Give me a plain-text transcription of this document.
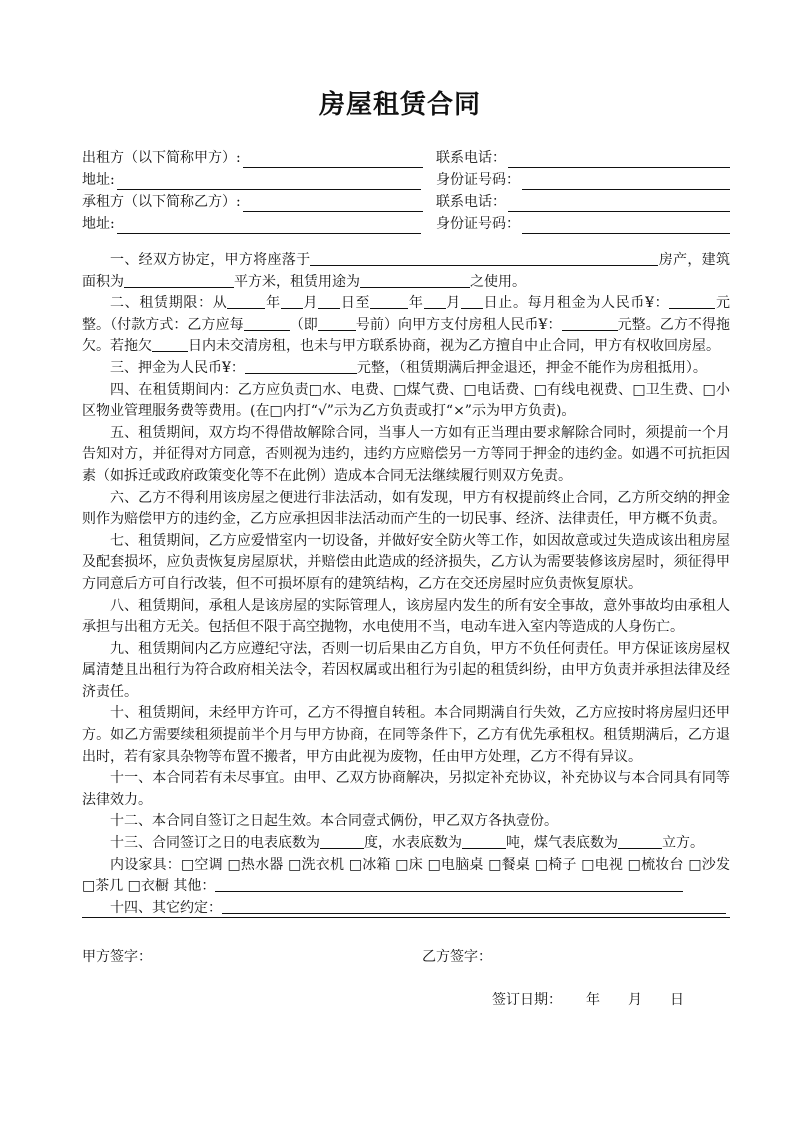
房屋租赁合同
出租方（以下简称甲方）:	联系电话：
地址:	身份证号码：
承租方（以下简称乙方）:	联系电话：
地址:	身份证号码：

一、经双方协定，甲方将座落于	房产，建筑面积为	平方米，租赁用途为	之使用。

二、租赁期限：从	年 月 日至	年 月 日止。每月租金为人民币¥：	元整。（付款方式：乙方应每	（即	号前）向甲方支付房租人民币¥：	元整。乙方不得拖欠。若拖欠	日内未交清房租，也未与甲方联系协商，视为乙方擅自中止合同，甲方有权收回房屋。

三、押金为人民币¥：	元整，（租赁期满后押金退还，押金不能作为房租抵用）。

四、在租赁期间内：乙方应负责□水、电费、□煤气费、□电话费、□有线电视费、□卫生费、□小区物业管理服务费等费用。(在□内打“√”示为乙方负责或打“×”示为甲方负责)。

五、租赁期间，双方均不得借故解除合同，当事人一方如有正当理由要求解除合同时，须提前一个月告知对方，并征得对方同意，否则视为违约，违约方应赔偿另一方等同于押金的违约金。如遇不可抗拒因素（如拆迁或政府政策变化等不在此例）造成本合同无法继续履行则双方免责。

六、乙方不得利用该房屋之便进行非法活动，如有发现，甲方有权提前终止合同，乙方所交纳的押金则作为赔偿甲方的违约金，乙方应承担因非法活动而产生的一切民事、经济、法律责任，甲方概不负责。

七、租赁期间，乙方应爱惜室内一切设备，并做好安全防火等工作，如因故意或过失造成该出租房屋及配套损坏，应负责恢复房屋原状，并赔偿由此造成的经济损失，乙方认为需要装修该房屋时，须征得甲方同意后方可自行改装，但不可损坏原有的建筑结构，乙方在交还房屋时应负责恢复原状。

八、租赁期间，承租人是该房屋的实际管理人，该房屋内发生的所有安全事故，意外事故均由承租人承担与出租方无关。包括但不限于高空抛物，水电使用不当，电动车进入室内等造成的人身伤亡。

九、租赁期间内乙方应遵纪守法，否则一切后果由乙方自负，甲方不负任何责任。甲方保证该房屋权属清楚且出租行为符合政府相关法令，若因权属或出租行为引起的租赁纠纷，由甲方负责并承担法律及经济责任。

十、租赁期间，未经甲方许可，乙方不得擅自转租。本合同期满自行失效，乙方应按时将房屋归还甲方。如乙方需要续租须提前半个月与甲方协商，在同等条件下，乙方有优先承租权。租赁期满后，乙方退出时，若有家具杂物等布置不搬者，甲方由此视为废物，任由甲方处理，乙方不得有异议。

十一、本合同若有未尽事宜。由甲、乙双方协商解决，另拟定补充协议，补充协议与本合同具有同等法律效力。

十二、本合同自签订之日起生效。本合同壹式俩份，甲乙双方各执壹份。

十三、合同签订之日的电表底数为	度，水表底数为	吨，煤气表底数为	立方。

内设家具：□空调 □热水器 □洗衣机 □冰箱 □床 □电脑桌 □餐桌 □椅子 □电视 □梳妆台 □沙发 □茶几 □衣橱 其他：

十四、其它约定：

甲方签字：	乙方签字：
签订日期： 年 月 日
